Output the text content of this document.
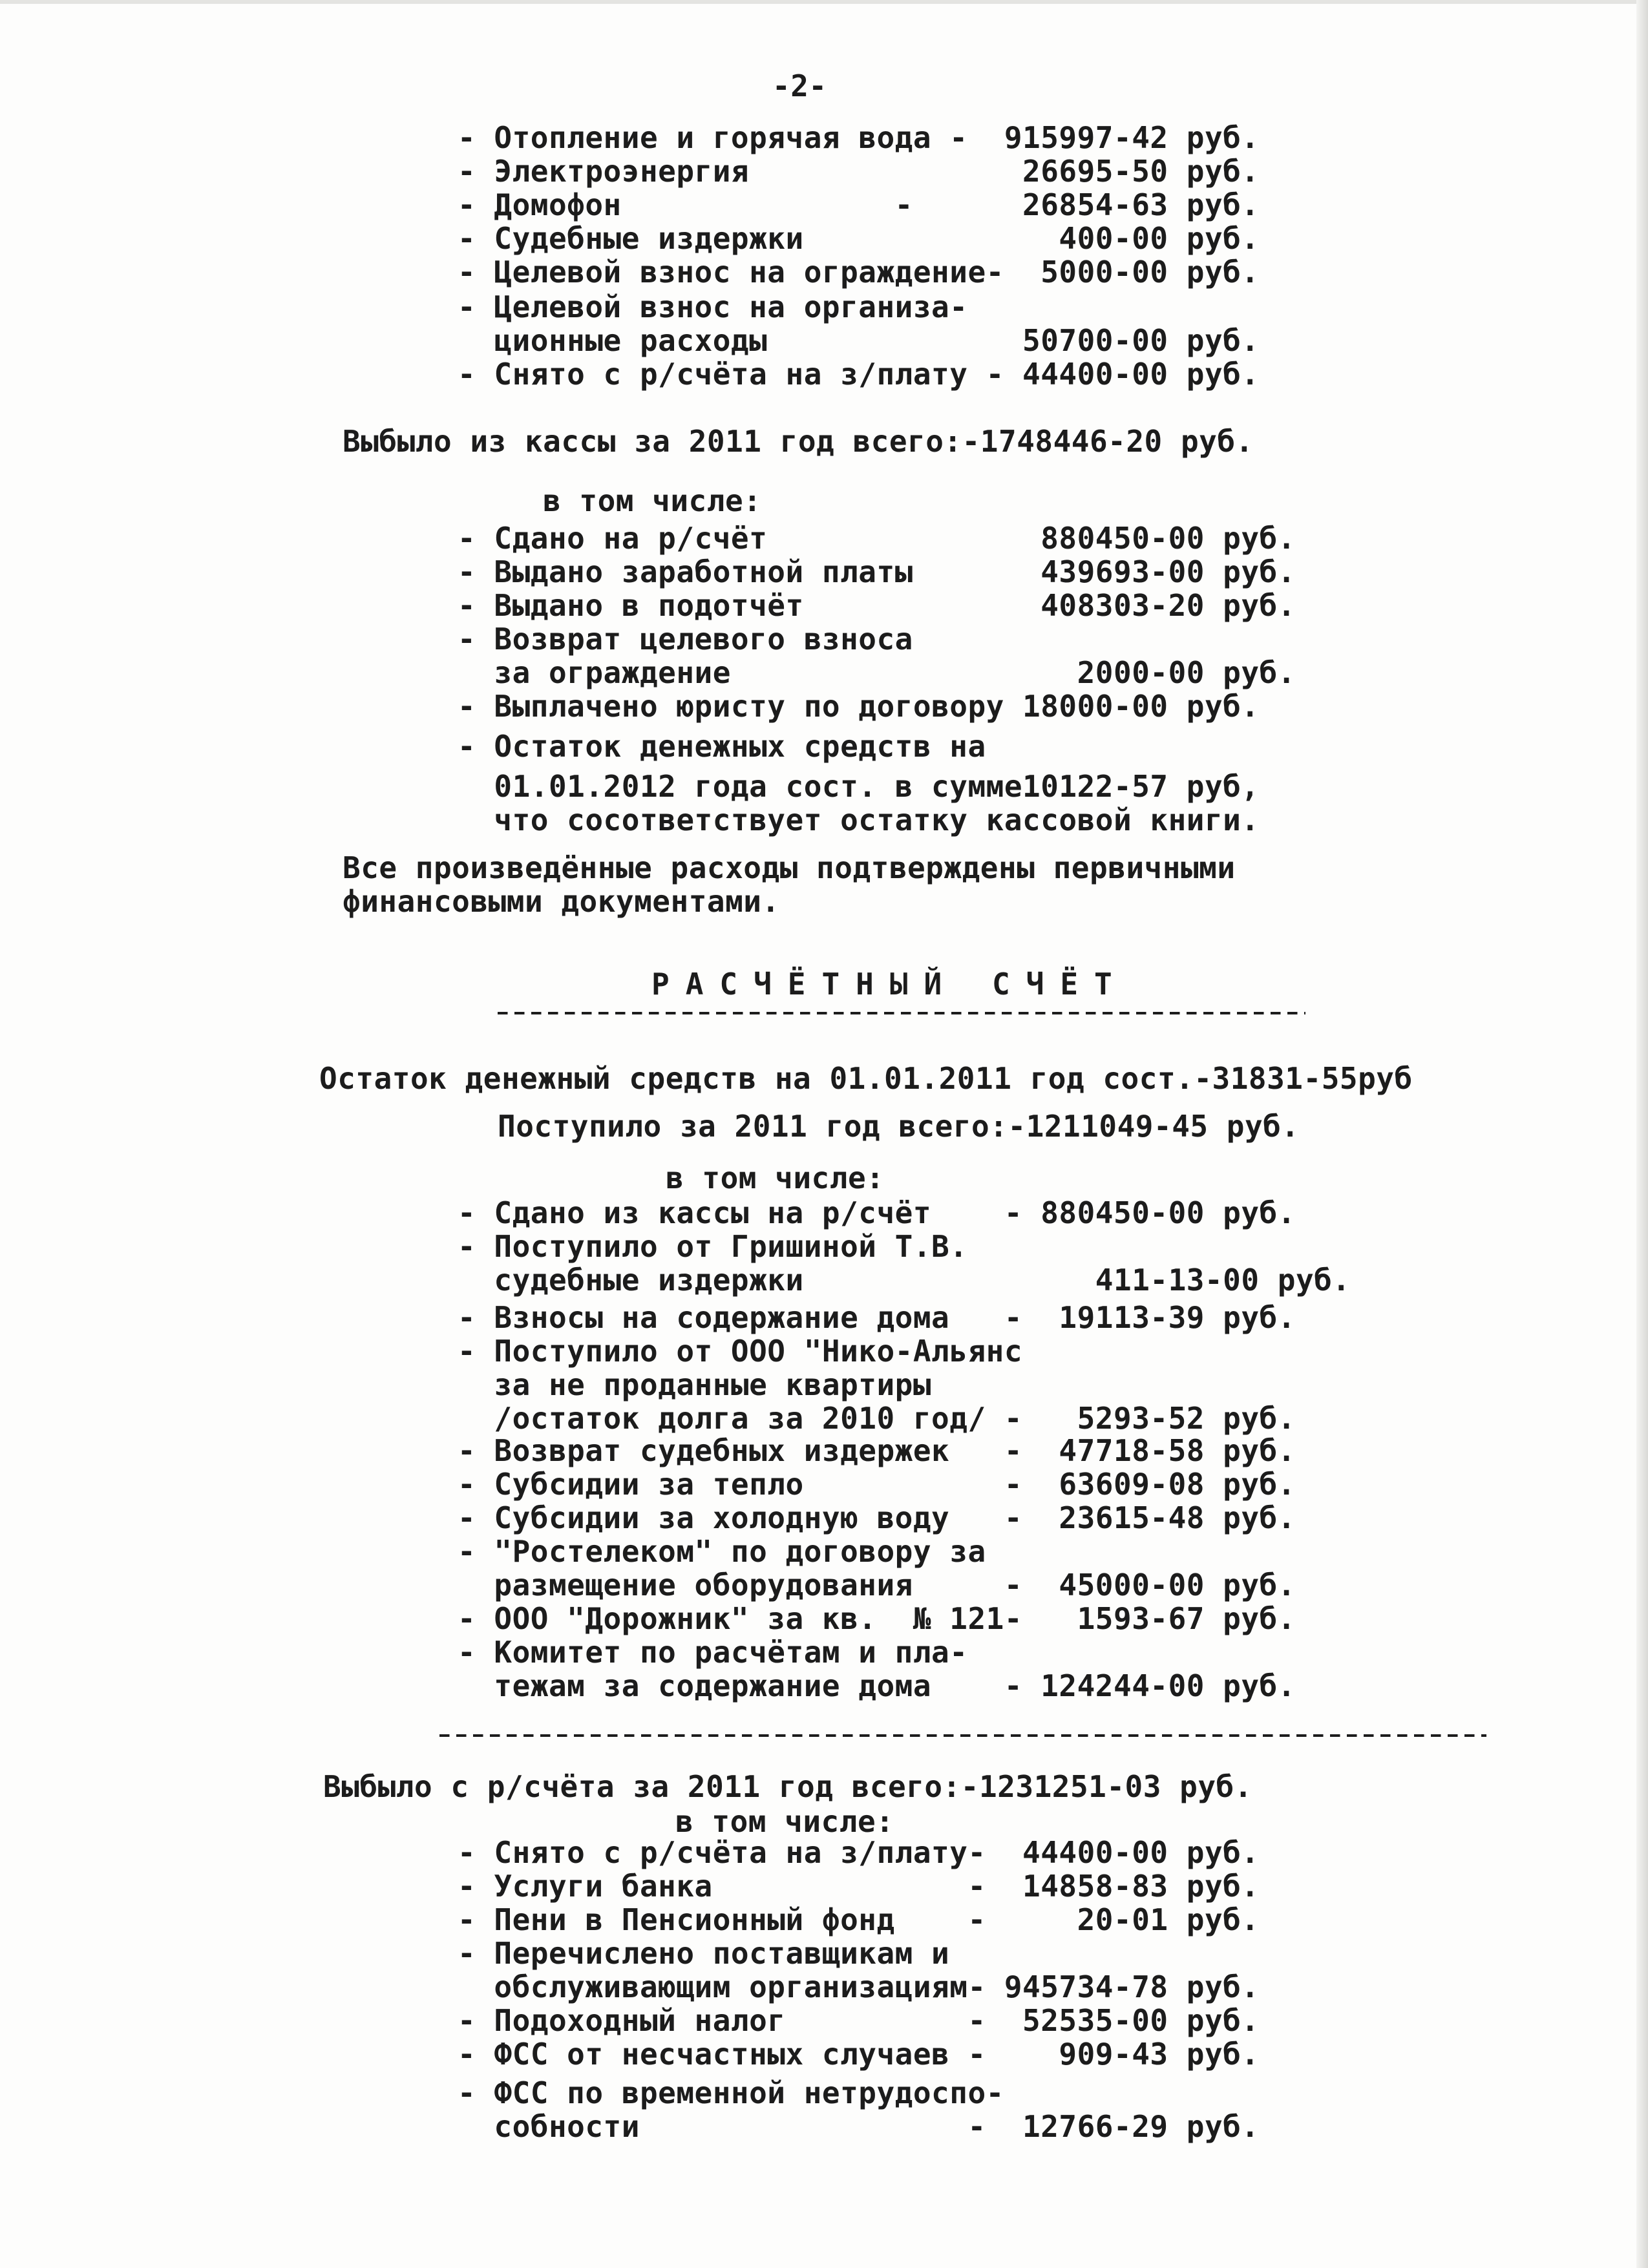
-2-
- Отопление и горячая вода -  915997-42 руб.
- Электроэнергия               26695-50 руб.
- Домофон               -      26854-63 руб.
- Судебные издержки              400-00 руб.
- Целевой взнос на ограждение-  5000-00 руб.
- Целевой взнос на организа-
ционные расходы              50700-00 руб.
- Снято с р/счёта на з/плату - 44400-00 руб.
Выбыло из кассы за 2011 год всего:-1748446-20 руб.
в том числе:
- Сдано на р/счёт               880450-00 руб.
- Выдано заработной платы       439693-00 руб.
- Выдано в подотчёт             408303-20 руб.
- Возврат целевого взноса
за ограждение                   2000-00 руб.
- Выплачено юристу по договору 18000-00 руб.
- Остаток денежных средств на
01.01.2012 года сост. в сумме10122-57 руб,
что сосответствует остатку кассовой книги.
Все произведённые расходы подтверждены первичными
финансовыми документами.
РАСЧЁТНЫЙ СЧЁТ
Остаток денежный средств на 01.01.2011 год сост.-31831-55руб
Поступило за 2011 год всего:-1211049-45 руб.
в том числе:
- Сдано из кассы на р/счёт    - 880450-00 руб.
- Поступило от Гришиной Т.В.
судебные издержки                411-13-00 руб.
- Взносы на содержание дома   -  19113-39 руб.
- Поступило от ООО "Нико-Альянс
за не проданные квартиры
/остаток долга за 2010 год/ -   5293-52 руб.
- Возврат судебных издержек   -  47718-58 руб.
- Субсидии за тепло           -  63609-08 руб.
- Субсидии за холодную воду   -  23615-48 руб.
- "Ростелеком" по договору за
размещение оборудования     -  45000-00 руб.
- ООО "Дорожник" за кв.  № 121-   1593-67 руб.
- Комитет по расчётам и пла-
тежам за содержание дома    - 124244-00 руб.
Выбыло с р/счёта за 2011 год всего:-1231251-03 руб.
в том числе:
- Снято с р/счёта на з/плату-  44400-00 руб.
- Услуги банка              -  14858-83 руб.
- Пени в Пенсионный фонд    -     20-01 руб.
- Перечислено поставщикам и
обслуживающим организациям- 945734-78 руб.
- Подоходный налог          -  52535-00 руб.
- ФСС от несчастных случаев -    909-43 руб.
- ФСС по временной нетрудоспо-
собности                  -  12766-29 руб.
